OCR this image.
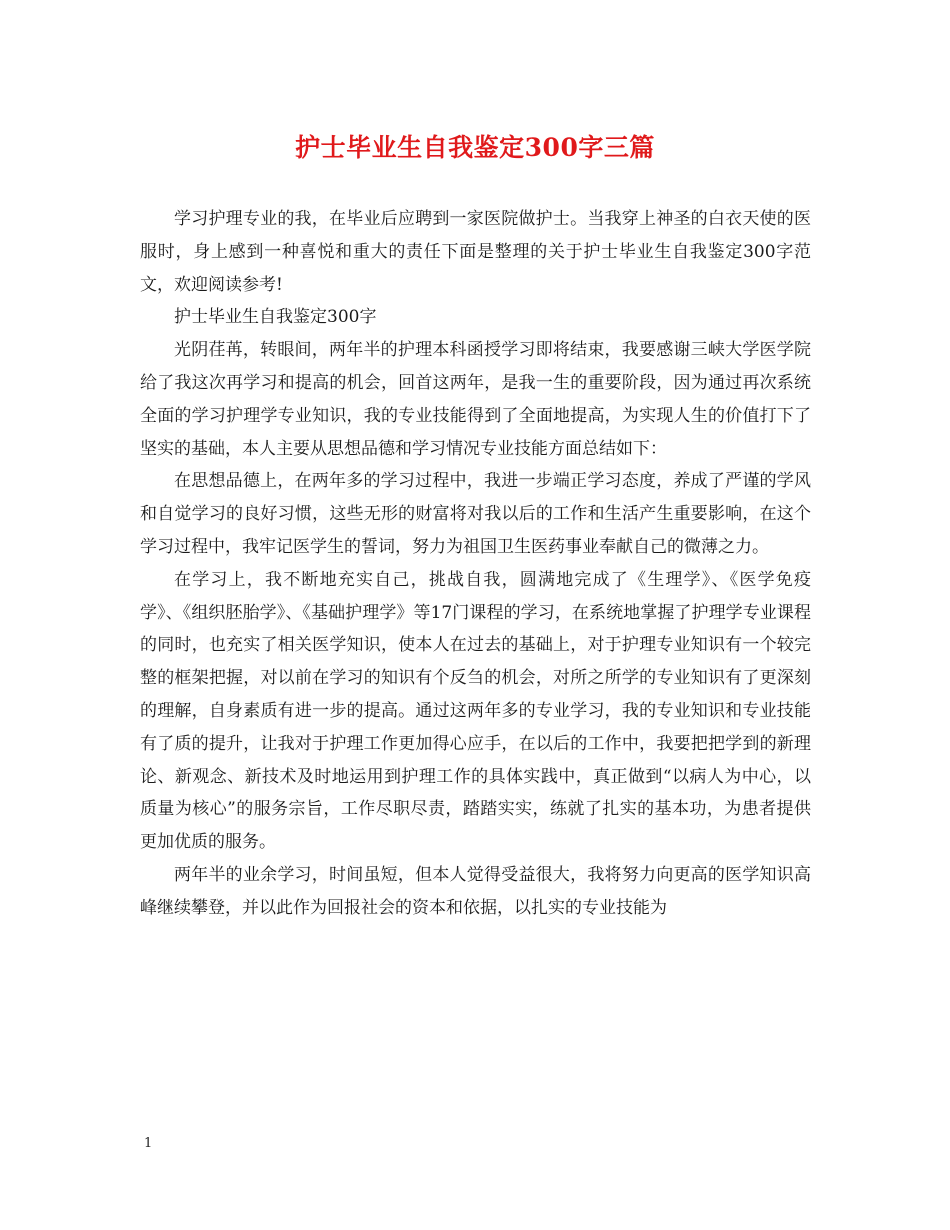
护士毕业生自我鉴定300字三篇

学习护理专业的我，在毕业后应聘到一家医院做护士。当我穿上神圣的白衣天使的医服时，身上感到一种喜悦和重大的责任下面是整理的关于护士毕业生自我鉴定300字范文，欢迎阅读参考!

护士毕业生自我鉴定300字

光阴荏苒，转眼间，两年半的护理本科函授学习即将结束，我要感谢三峡大学医学院给了我这次再学习和提高的机会，回首这两年，是我一生的重要阶段，因为通过再次系统全面的学习护理学专业知识，我的专业技能得到了全面地提高，为实现人生的价值打下了坚实的基础，本人主要从思想品德和学习情况专业技能方面总结如下：

在思想品德上，在两年多的学习过程中，我进一步端正学习态度，养成了严谨的学风和自觉学习的良好习惯，这些无形的财富将对我以后的工作和生活产生重要影响，在这个学习过程中，我牢记医学生的誓词，努力为祖国卫生医药事业奉献自己的微薄之力。

在学习上，我不断地充实自己，挑战自我，圆满地完成了《生理学》、《医学免疫学》、《组织胚胎学》、《基础护理学》等17门课程的学习，在系统地掌握了护理学专业课程的同时，也充实了相关医学知识，使本人在过去的基础上，对于护理专业知识有一个较完整的框架把握，对以前在学习的知识有个反刍的机会，对所之所学的专业知识有了更深刻的理解，自身素质有进一步的提高。通过这两年多的专业学习，我的专业知识和专业技能有了质的提升，让我对于护理工作更加得心应手，在以后的工作中，我要把把学到的新理论、新观念、新技术及时地运用到护理工作的具体实践中，真正做到“以病人为中心，以质量为核心”的服务宗旨，工作尽职尽责，踏踏实实，练就了扎实的基本功，为患者提供更加优质的服务。

两年半的业余学习，时间虽短，但本人觉得受益很大，我将努力向更高的医学知识高峰继续攀登，并以此作为回报社会的资本和依据，以扎实的专业技能为

1
